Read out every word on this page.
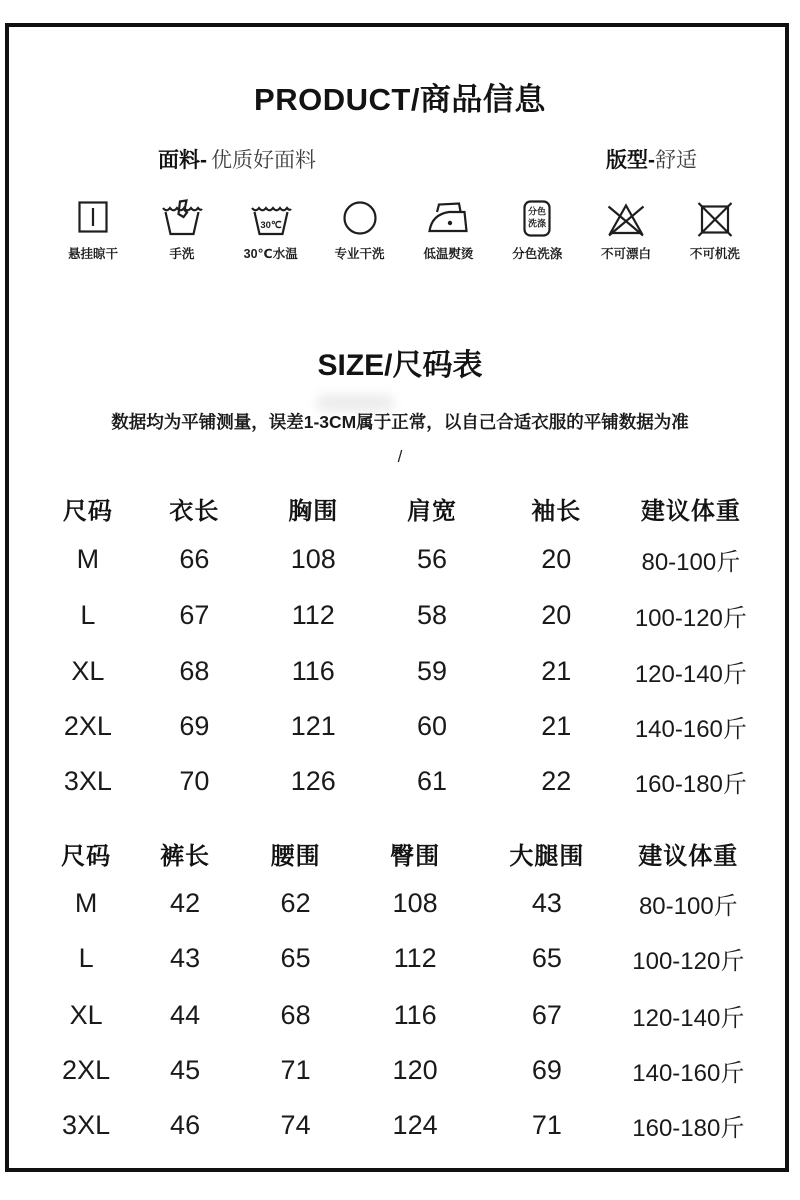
PRODUCT/商品信息
面料- 优质好面料	版型-舒适
悬挂晾干	手洗
30℃
30℃水温	专业干洗	低温熨烫
分色
洗涤
分色洗涤	不可漂白	不可机洗
SIZE/尺码表

数据均为平铺测量，误差1-3CM属于正常，以自己合适衣服的平铺数据为准

/
尺码	衣长	胸围	肩宽	袖长	建议体重
M	66	108	56	20	80-100斤
L	67	112	58	20	100-120斤
XL	68	116	59	21	120-140斤
2XL	69	121	60	21	140-160斤
3XL	70	126	61	22	160-180斤
尺码	裤长	腰围	臀围	大腿围	建议体重
M	42	62	108	43	80-100斤
L	43	65	112	65	100-120斤
XL	44	68	116	67	120-140斤
2XL	45	71	120	69	140-160斤
3XL	46	74	124	71	160-180斤
